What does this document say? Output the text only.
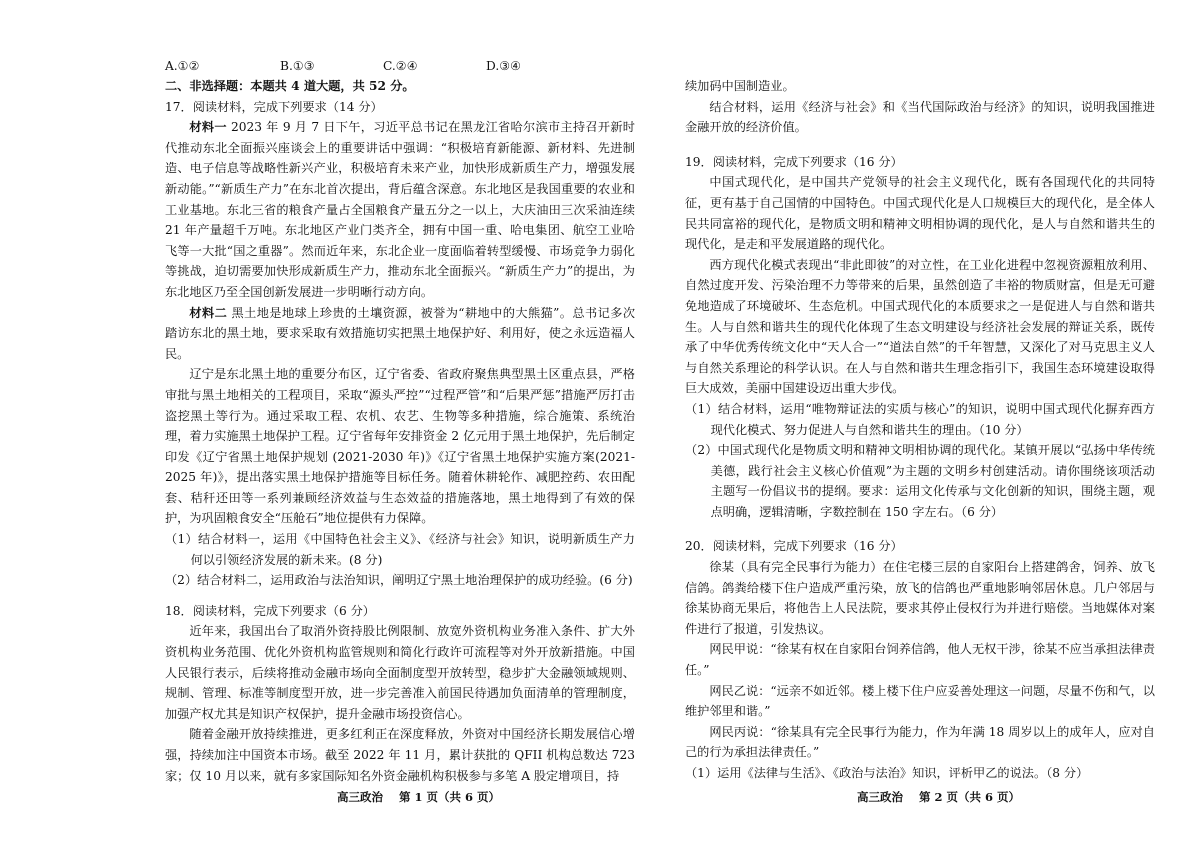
A.①②	B.①③	C.②④	D.③④

二、非选择题：本题共 4 道大题，共 52 分。

17．阅读材料，完成下列要求（14 分）

材料一 2023 年 9 月 7 日下午，习近平总书记在黑龙江省哈尔滨市主持召开新时代推动东北全面振兴座谈会上的重要讲话中强调：“积极培育新能源、新材料、先进制造、电子信息等战略性新兴产业，积极培育未来产业，加快形成新质生产力，增强发展新动能。”“新质生产力”在东北首次提出，背后蕴含深意。东北地区是我国重要的农业和工业基地。东北三省的粮食产量占全国粮食产量五分之一以上，大庆油田三次采油连续 21 年产量超千万吨。东北地区产业门类齐全，拥有中国一重、哈电集团、航空工业哈飞等一大批“国之重器”。然而近年来，东北企业一度面临着转型缓慢、市场竞争力弱化等挑战，迫切需要加快形成新质生产力，推动东北全面振兴。“新质生产力”的提出，为东北地区乃至全国创新发展进一步明晰行动方向。

材料二 黑土地是地球上珍贵的土壤资源，被誉为“耕地中的大熊猫”。总书记多次 踏访东北的黑土地，要求采取有效措施切实把黑土地保护好、利用好，使之永远造福人民。

辽宁是东北黑土地的重要分布区，辽宁省委、省政府聚焦典型黑土区重点县，严格审批与黑土地相关的工程项目，采取“源头严控”“过程严管”和“后果严惩”措施严厉打击盗挖黑土等行为。通过采取工程、农机、农艺、生物等多种措施，综合施策、系统治理，着力实施黑土地保护工程。辽宁省每年安排资金 2 亿元用于黑土地保护，先后制定印发《辽宁省黑土地保护规划 (2021-2030 年)》《辽宁省黑土地保护实施方案(2021-2025 年)》，提出落实黑土地保护措施等目标任务。随着休耕轮作、减肥控药、农田配套、秸秆还田等一系列兼顾经济效益与生态效益的措施落地，黑土地得到了有效的保护，为巩固粮食安全“压舱石”地位提供有力保障。

（1）结合材料一，运用《中国特色社会主义》、《经济与社会》知识，说明新质生产力何以引领经济发展的新未来。(8 分)

（2）结合材料二，运用政治与法治知识，阐明辽宁黑土地治理保护的成功经验。(6 分)

18．阅读材料，完成下列要求（6 分）

近年来，我国出台了取消外资持股比例限制、放宽外资机构业务准入条件、扩大外资机构业务范围、优化外资机构监管规则和简化行政许可流程等对外开放新措施。中国人民银行表示，后续将推动金融市场向全面制度型开放转型，稳步扩大金融领域规则、规制、管理、标准等制度型开放，进一步完善准入前国民待遇加负面清单的管理制度，加强产权尤其是知识产权保护，提升金融市场投资信心。

随着金融开放持续推进，更多红利正在深度释放，外资对中国经济长期发展信心增强，持续加注中国资本市场。截至 2022 年 11 月，累计获批的 QFII 机构总数达 723家；仅 10 月以来，就有多家国际知名外资金融机构积极参与多笔 A 股定增项目，持

高三政治    第 1 页（共 6 页）

续加码中国制造业。

结合材料，运用《经济与社会》和《当代国际政治与经济》的知识，说明我国推进金融开放的经济价值。

19．阅读材料，完成下列要求（16 分）

中国式现代化，是中国共产党领导的社会主义现代化，既有各国现代化的共同特征，更有基于自己国情的中国特色。中国式现代化是人口规模巨大的现代化，是全体人民共同富裕的现代化，是物质文明和精神文明相协调的现代化，是人与自然和谐共生的现代化，是走和平发展道路的现代化。

西方现代化模式表现出“非此即彼”的对立性，在工业化进程中忽视资源粗放利用、自然过度开发、污染治理不力等带来的后果，虽然创造了丰裕的物质财富，但是无可避免地造成了环境破坏、生态危机。中国式现代化的本质要求之一是促进人与自然和谐共生。人与自然和谐共生的现代化体现了生态文明建设与经济社会发展的辩证关系，既传承了中华优秀传统文化中“天人合一”“道法自然”的千年智慧，又深化了对马克思主义人与自然关系理论的科学认识。在人与自然和谐共生理念指引下，我国生态环境建设取得巨大成效，美丽中国建设迈出重大步伐。

（1）结合材料，运用“唯物辩证法的实质与核心”的知识，说明中国式现代化摒弃西方现代化模式、努力促进人与自然和谐共生的理由。（10 分）

（2）中国式现代化是物质文明和精神文明相协调的现代化。某镇开展以“弘扬中华传统美德，践行社会主义核心价值观”为主题的文明乡村创建活动。请你围绕该项活动主题写一份倡议书的提纲。要求：运用文化传承与文化创新的知识，围绕主题，观点明确，逻辑清晰，字数控制在 150 字左右。（6 分）

20．阅读材料，完成下列要求（16 分）

徐某（具有完全民事行为能力）在住宅楼三层的自家阳台上搭建鸽舍，饲养、放飞信鸽。鸽粪给楼下住户造成严重污染，放飞的信鸽也严重地影响邻居休息。几户邻居与徐某协商无果后，将他告上人民法院，要求其停止侵权行为并进行赔偿。当地媒体对案件进行了报道，引发热议。

网民甲说：“徐某有权在自家阳台饲养信鸽，他人无权干涉，徐某不应当承担法律责任。”

网民乙说：“远亲不如近邻。楼上楼下住户应妥善处理这一问题，尽量不伤和气，以维护邻里和谐。”

网民丙说：“徐某具有完全民事行为能力，作为年满 18 周岁以上的成年人，应对自己的行为承担法律责任。”

（1）运用《法律与生活》、《政治与法治》知识，评析甲乙的说法。（8 分）

高三政治    第 2 页（共 6 页）
